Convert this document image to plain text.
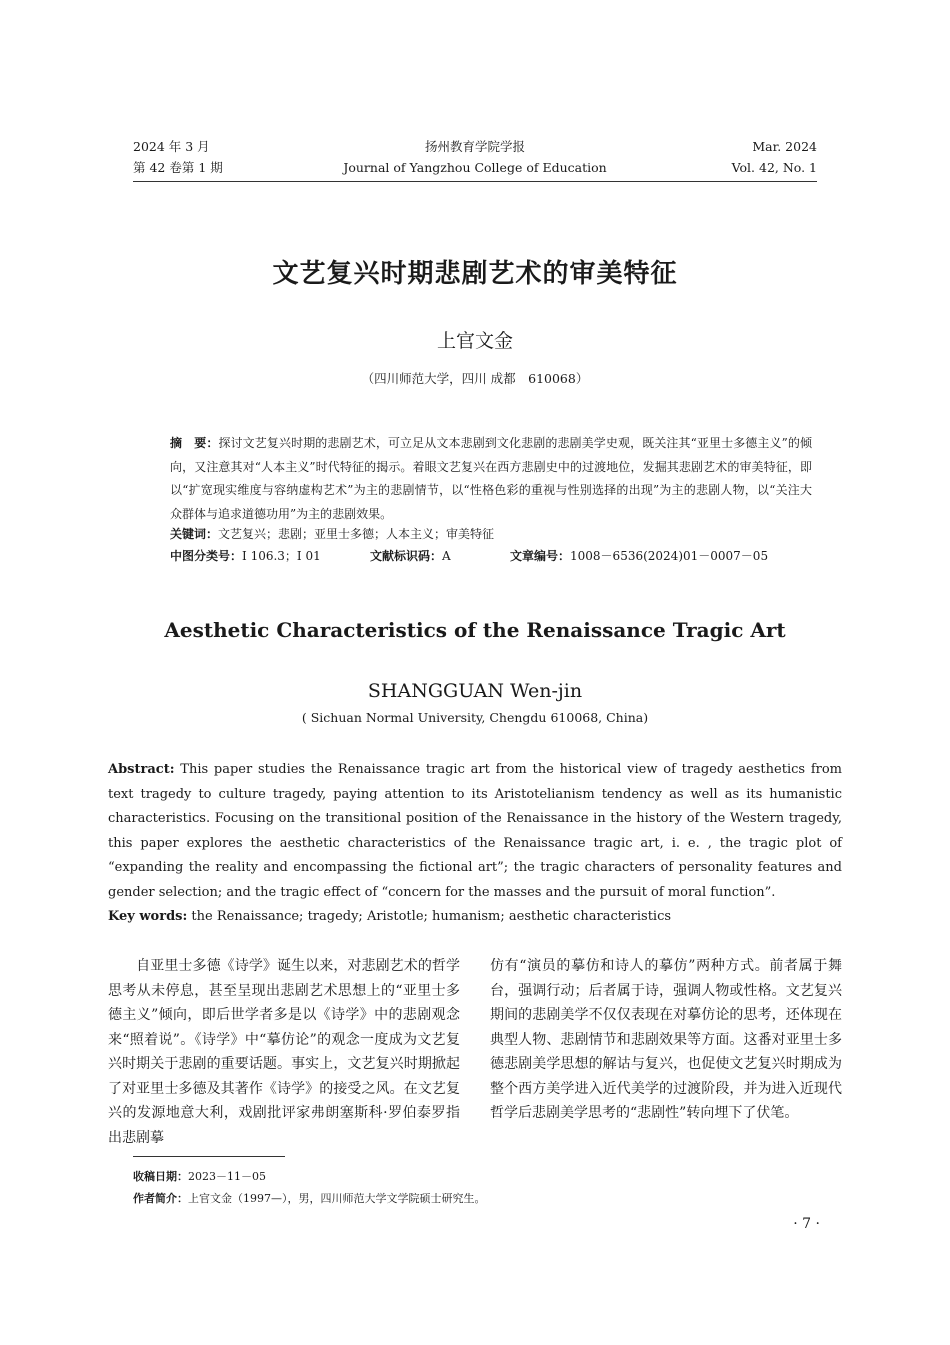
2024 年 3 月
第 42 卷第 1 期
扬州教育学院学报
Journal of Yangzhou College of Education
Mar. 2024
Vol. 42, No. 1
文艺复兴时期悲剧艺术的审美特征
上官文金
（四川师范大学，四川 成都　610068）

摘　要：探讨文艺复兴时期的悲剧艺术，可立足从文本悲剧到文化悲剧的悲剧美学史观，既关注其“亚里士多德主义”的倾向，又注意其对“人本主义”时代特征的揭示。着眼文艺复兴在西方悲剧史中的过渡地位，发掘其悲剧艺术的审美特征，即以“扩宽现实维度与容纳虚构艺术”为主的悲剧情节，以“性格色彩的重视与性别选择的出现”为主的悲剧人物，以“关注大众群体与追求道德功用”为主的悲剧效果。

关键词：文艺复兴；悲剧；亚里士多德；人本主义；审美特征
中图分类号：I 106.3；I 01	文献标识码：A	文章编号：1008－6536(2024)01－0007－05
Aesthetic Characteristics of the Renaissance Tragic Art
SHANGGUAN Wen-jin
( Sichuan Normal University, Chengdu 610068, China)

Abstract: This paper studies the Renaissance tragic art from the historical view of tragedy aesthetics from text tragedy to culture tragedy, paying attention to its Aristotelianism tendency as well as its humanistic characteristics. Focusing on the transitional position of the Renaissance in the history of the Western tragedy, this paper explores the aesthetic characteristics of the Renaissance tragic art, i. e. , the tragic plot of “expanding the reality and encompassing the fictional art”; the tragic characters of personality features and gender selection; and the tragic effect of “concern for the masses and the pursuit of moral function”.

Key words: the Renaissance; tragedy; Aristotle; humanism; aesthetic characteristics

　　自亚里士多德《诗学》诞生以来，对悲剧艺术的哲学思考从未停息，甚至呈现出悲剧艺术思想上的“亚里士多德主义”倾向，即后世学者多是以《诗学》中的悲剧观念来“照着说”。《诗学》中“摹仿论”的观念一度成为文艺复兴时期关于悲剧的重要话题。事实上，文艺复兴时期掀起了对亚里士多德及其著作《诗学》的接受之风。在文艺复兴的发源地意大利，戏剧批评家弗朗塞斯科·罗伯泰罗指出悲剧摹

仿有“演员的摹仿和诗人的摹仿”两种方式。前者属于舞台，强调行动；后者属于诗，强调人物或性格。文艺复兴期间的悲剧美学不仅仅表现在对摹仿论的思考，还体现在典型人物、悲剧情节和悲剧效果等方面。这番对亚里士多德悲剧美学思想的解诂与复兴，也促使文艺复兴时期成为整个西方美学进入近代美学的过渡阶段，并为进入近现代哲学后悲剧美学思考的“悲剧性”转向埋下了伏笔。

收稿日期：2023－11－05
作者简介：上官文金（1997—），男，四川师范大学文学院硕士研究生。
· 7 ·
